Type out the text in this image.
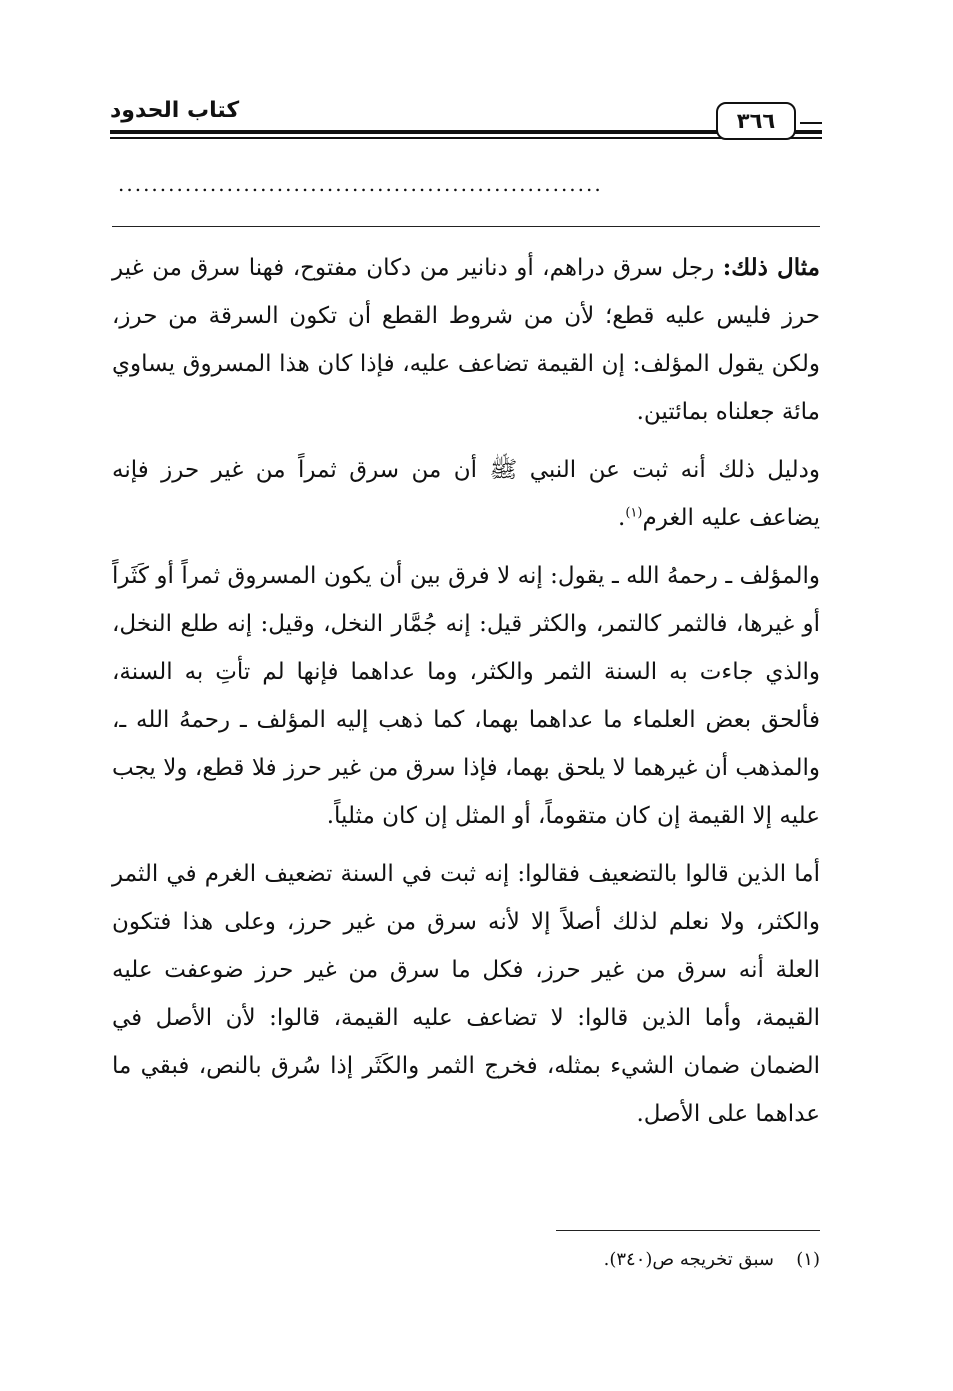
كتاب الحدود	٣٦٦
..........................................................

مثال ذلك: رجل سرق دراهم، أو دنانير من دكان مفتوح، فهنا سرق من غير حرز فليس عليه قطع؛ لأن من شروط القطع أن تكون السرقة من حرز، ولكن يقول المؤلف: إن القيمة تضاعف عليه، فإذا كان هذا المسروق يساوي مائة جعلناه بمائتين.

ودليل ذلك أنه ثبت عن النبي ﷺ أن من سرق ثمراً من غير حرز فإنه يضاعف عليه الغرم$^{(١)}$.

والمؤلف ـ رحمهُ الله ـ يقول: إنه لا فرق بين أن يكون المسروق ثمراً أو كَثَراً أو غيرها، فالثمر كالتمر، والكثر قيل: إنه جُمَّار النخل، وقيل: إنه طلع النخل، والذي جاءت به السنة الثمر والكثر، وما عداهما فإنها لم تأتِ به السنة، فألحق بعض العلماء ما عداهما بهما، كما ذهب إليه المؤلف ـ رحمهُ الله ـ، والمذهب أن غيرهما لا يلحق بهما، فإذا سرق من غير حرز فلا قطع، ولا يجب عليه إلا القيمة إن كان متقوماً، أو المثل إن كان مثلياً.

أما الذين قالوا بالتضعيف فقالوا: إنه ثبت في السنة تضعيف الغرم في الثمر والكثر، ولا نعلم لذلك أصلاً إلا لأنه سرق من غير حرز، وعلى هذا فتكون العلة أنه سرق من غير حرز، فكل ما سرق من غير حرز ضوعفت عليه القيمة، وأما الذين قالوا: لا تضاعف عليه القيمة، قالوا: لأن الأصل في الضمان ضمان الشيء بمثله، فخرج الثمر والكَثَر إذا سُرق بالنص، فبقي ما عداهما على الأصل.

(١)سبق تخريجه ص(٣٤٠).
